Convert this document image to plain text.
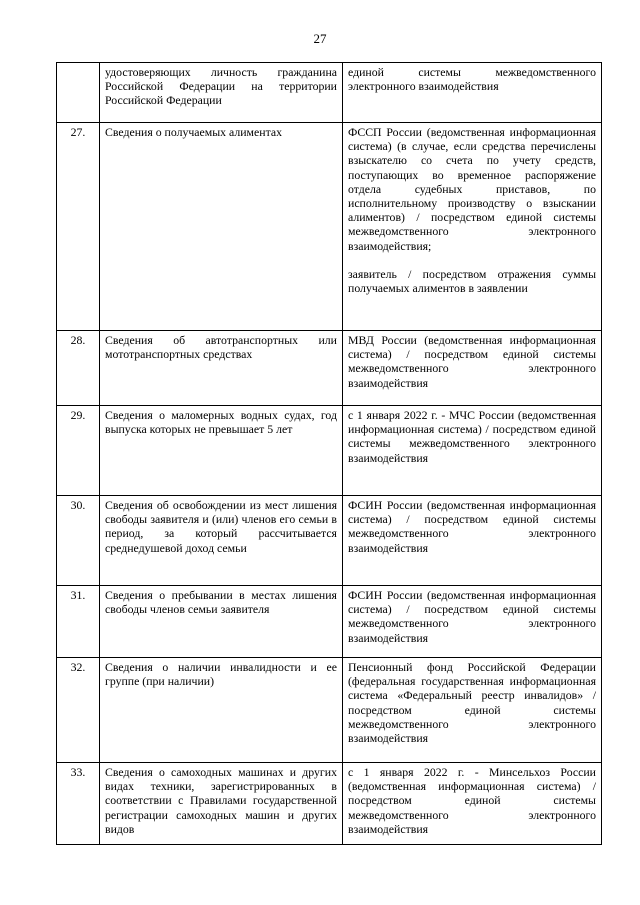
27
	удостоверяющих личность гражданина Российской Федерации на территории Российской Федерации	единой системы межведомственного электронного взаимодействия

27.	Сведения о получаемых алиментах	ФССП России (ведомственная информационная система) (в случае, если средства перечислены взыскателю со счета по учету средств, поступающих во временное распоряжение отдела судебных приставов, по исполнительному производству о взыскании алиментов) / посредством единой системы межведомственного электронного взаимодействия;
заявитель / посредством отражения суммы получаемых алиментов в заявлении

28.	Сведения об автотранспортных или мототранспортных средствах	МВД России (ведомственная информационная система) / посредством единой системы межведомственного электронного взаимодействия

29.	Сведения о маломерных водных судах, год выпуска которых не превышает 5 лет	с 1 января 2022 г. - МЧС России (ведомственная информационная система) / посредством единой системы межведомственного электронного взаимодействия

30.	Сведения об освобождении из мест лишения свободы заявителя и (или) членов его семьи в период, за который рассчитывается среднедушевой доход семьи	ФСИН России (ведомственная информационная система) / посредством единой системы межведомственного электронного взаимодействия

31.	Сведения о пребывании в местах лишения свободы членов семьи заявителя	ФСИН России (ведомственная информационная система) / посредством единой системы межведомственного электронного взаимодействия

32.	Сведения о наличии инвалидности и ее группе (при наличии)	Пенсионный фонд Российской Федерации (федеральная государственная информационная система «Федеральный реестр инвалидов» / посредством единой системы межведомственного электронного взаимодействия

33.	Сведения о самоходных машинах и других видах техники, зарегистрированных в соответствии с Правилами государственной регистрации самоходных машин и других видов	с 1 января 2022 г. - Минсельхоз России (ведомственная информационная система) / посредством единой системы межведомственного электронного взаимодействия
